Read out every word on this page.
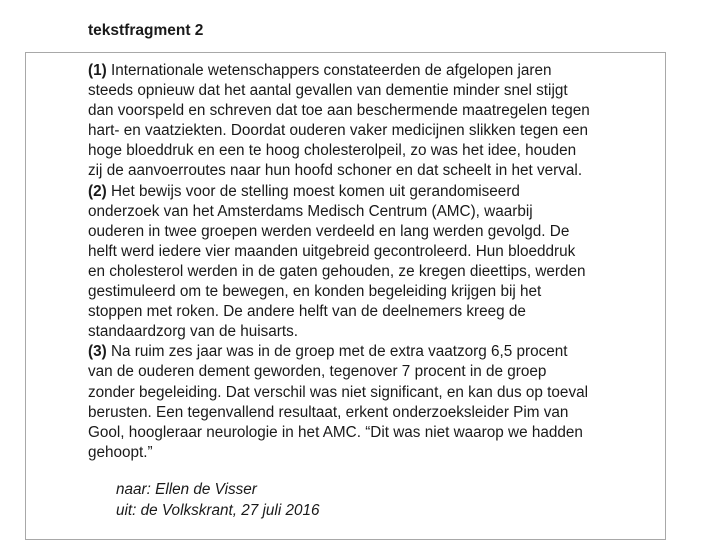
tekstfragment 2
(1) Internationale wetenschappers constateerden de afgelopen jaren
steeds opnieuw dat het aantal gevallen van dementie minder snel stijgt
dan voorspeld en schreven dat toe aan beschermende maatregelen tegen
hart- en vaatziekten. Doordat ouderen vaker medicijnen slikken tegen een
hoge bloeddruk en een te hoog cholesterolpeil, zo was het idee, houden
zij de aanvoerroutes naar hun hoofd schoner en dat scheelt in het verval.
(2) Het bewijs voor de stelling moest komen uit gerandomiseerd
onderzoek van het Amsterdams Medisch Centrum (AMC), waarbij
ouderen in twee groepen werden verdeeld en lang werden gevolgd. De
helft werd iedere vier maanden uitgebreid gecontroleerd. Hun bloeddruk
en cholesterol werden in de gaten gehouden, ze kregen dieettips, werden
gestimuleerd om te bewegen, en konden begeleiding krijgen bij het
stoppen met roken. De andere helft van de deelnemers kreeg de
standaardzorg van de huisarts.
(3) Na ruim zes jaar was in de groep met de extra vaatzorg 6,5 procent
van de ouderen dement geworden, tegenover 7 procent in de groep
zonder begeleiding. Dat verschil was niet significant, en kan dus op toeval
berusten. Een tegenvallend resultaat, erkent onderzoeksleider Pim van
Gool, hoogleraar neurologie in het AMC. “Dit was niet waarop we hadden
gehoopt.”
naar: Ellen de Visser
uit: de Volkskrant, 27 juli 2016
